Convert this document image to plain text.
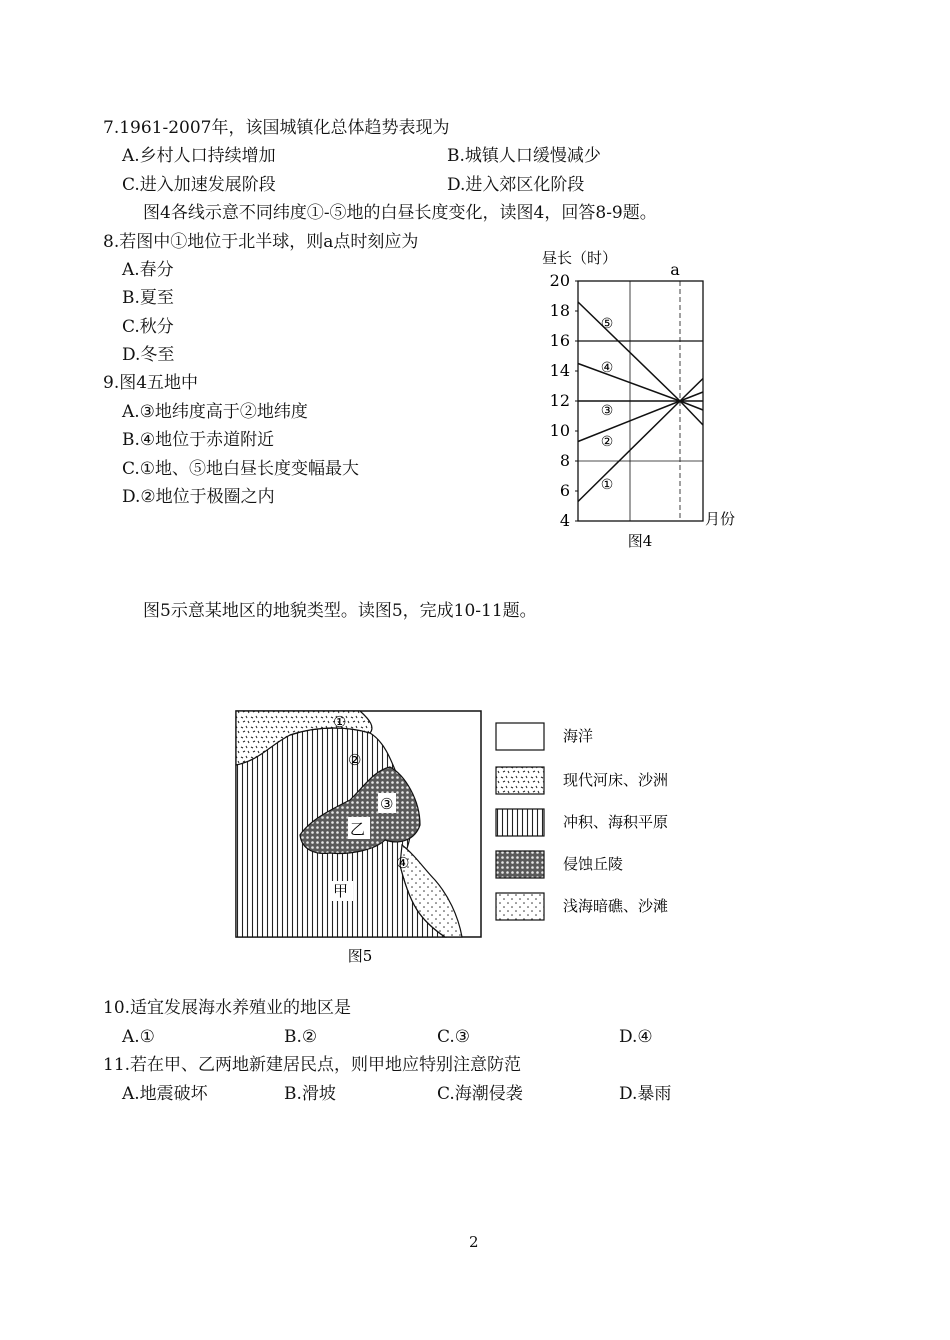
7.1961-2007年，该国城镇化总体趋势表现为
A.乡村人口持续增加	B.城镇人口缓慢减少
C.进入加速发展阶段	D.进入郊区化阶段
图4各线示意不同纬度①-⑤地的白昼长度变化，读图4，回答8-9题。
8.若图中①地位于北半球，则a点时刻应为
A.春分
B.夏至
C.秋分
D.冬至
9.图4五地中
A.③地纬度高于②地纬度
B.④地位于赤道附近
C.①地、⑤地白昼长度变幅最大
D.②地位于极圈之内
昼长（时）
a
20
18
16
14
12
10
8
6
4
①
②
③
④
⑤
月份
图4
图5示意某地区的地貌类型。读图5，完成10-11题。
①
②
③
乙
④
甲
图5
海洋
现代河床、沙洲
冲积、海积平原
侵蚀丘陵
浅海暗礁、沙滩
10.适宜发展海水养殖业的地区是
A.①	B.②	C.③	D.④
11.若在甲、乙两地新建居民点，则甲地应特别注意防范
A.地震破坏	B.滑坡	C.海潮侵袭	D.暴雨
2
